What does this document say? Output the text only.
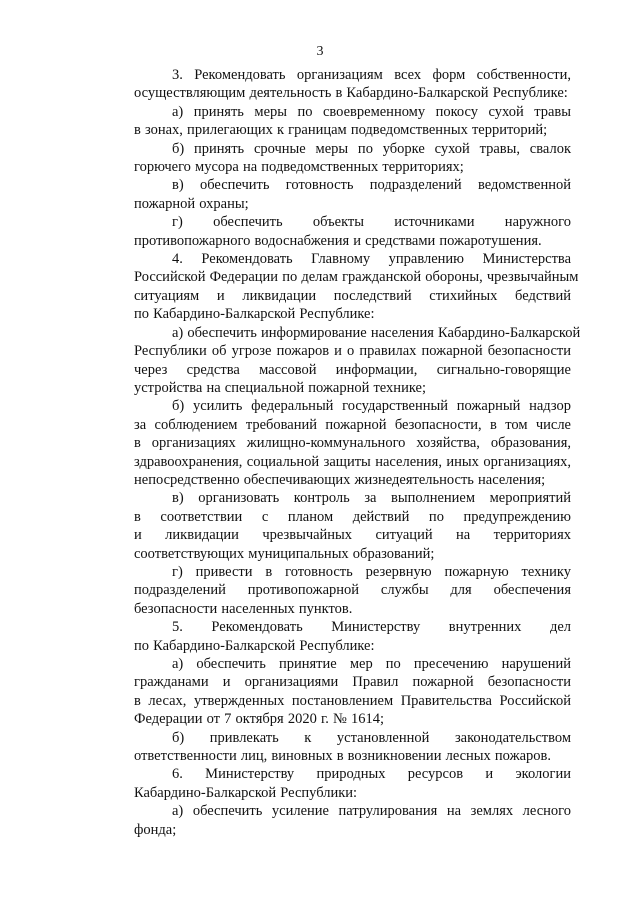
3
3. Рекомендовать организациям всех форм собственности,
осуществляющим деятельность в Кабардино-Балкарской Республике:
а) принять меры по своевременному покосу сухой травы
в зонах, прилегающих к границам подведомственных территорий;
б) принять срочные меры по уборке сухой травы, свалок
горючего мусора на подведомственных территориях;
в) обеспечить готовность подразделений ведомственной
пожарной охраны;
г) обеспечить объекты источниками наружного
противопожарного водоснабжения и средствами пожаротушения.
4. Рекомендовать Главному управлению Министерства
Российской Федерации по делам гражданской обороны, чрезвычайным
ситуациям и ликвидации последствий стихийных бедствий
по Кабардино-Балкарской Республике:
а) обеспечить информирование населения Кабардино-Балкарской
Республики об угрозе пожаров и о правилах пожарной безопасности
через средства массовой информации, сигнально-говорящие
устройства на специальной пожарной технике;
б) усилить федеральный государственный пожарный надзор
за соблюдением требований пожарной безопасности, в том числе
в организациях жилищно-коммунального хозяйства, образования,
здравоохранения, социальной защиты населения, иных организациях,
непосредственно обеспечивающих жизнедеятельность населения;
в) организовать контроль за выполнением мероприятий
в соответствии с планом действий по предупреждению
и ликвидации чрезвычайных ситуаций на территориях
соответствующих муниципальных образований;
г) привести в готовность резервную пожарную технику
подразделений противопожарной службы для обеспечения
безопасности населенных пунктов.
5. Рекомендовать Министерству внутренних дел
по Кабардино-Балкарской Республике:
а) обеспечить принятие мер по пресечению нарушений
гражданами и организациями Правил пожарной безопасности
в лесах, утвержденных постановлением Правительства Российской
Федерации от 7 октября 2020 г. № 1614;
б) привлекать к установленной законодательством
ответственности лиц, виновных в возникновении лесных пожаров.
6. Министерству природных ресурсов и экологии
Кабардино-Балкарской Республики:
а) обеспечить усиление патрулирования на землях лесного
фонда;
